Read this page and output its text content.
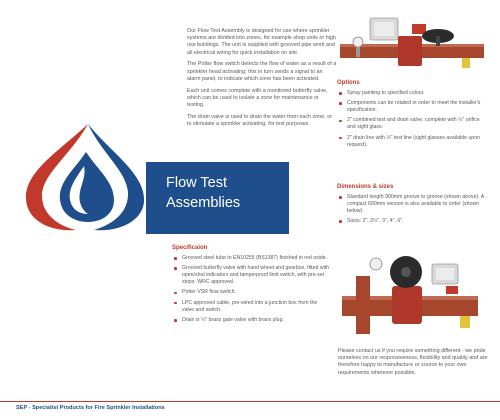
Our Flow Test Assembly is designed for use where sprinkler systems are divided into zones, for example shop units or high rise buildings. The unit is supplied with grooved pipe work and all electrical wiring for quick installation on site.

The Potter flow switch detects the flow of water as a result of a sprinkler head activating; this in turn sends a signal to an alarm panel, to indicate which zone has been activated.

Each unit comes complete with a monitored butterfly valve, which can be used to isolate a zone for maintenance or testing.

The drain valve is used to drain the water from each zone, or to stimulate a sprinkler activating, for test purposes.

Options
Spray painting to specified colour.
Components can be rotated in order to meet the installer's specification.
2" combined test and drain valve, complete with ½" orifice and sight glass.
2" drain line with ½" test line (sight glasses available upon request).
Dimensions & sizes
Standard length 900mm groove to groove (shown above). A compact 600mm version is also available to order (shown below).
Sizes: 2", 2½", 3", 4", 6".
Flow Test
Assemblies
Specificaion
Grooved steel tube to EN10255 (BS1387) finished in red oxide.
Grooved butterfly valve with hand wheel and gearbox, fitted with open/shut indicators and tamperproof limit switch, with pre-set stops: WRC approved.
Potter VSR flow switch.
LPC approved cable, pre-wired into a junction box from the valve and switch.
Drain is ½" brass gate valve with brass plug.

Please contact us if you require something different - we pride ourselves on our responsiveness, flexibility and quality and are therefore happy to manufacture or source to your own requirements wherever possible.

SEP - Specialist Products for Fire Sprinkler Installations
